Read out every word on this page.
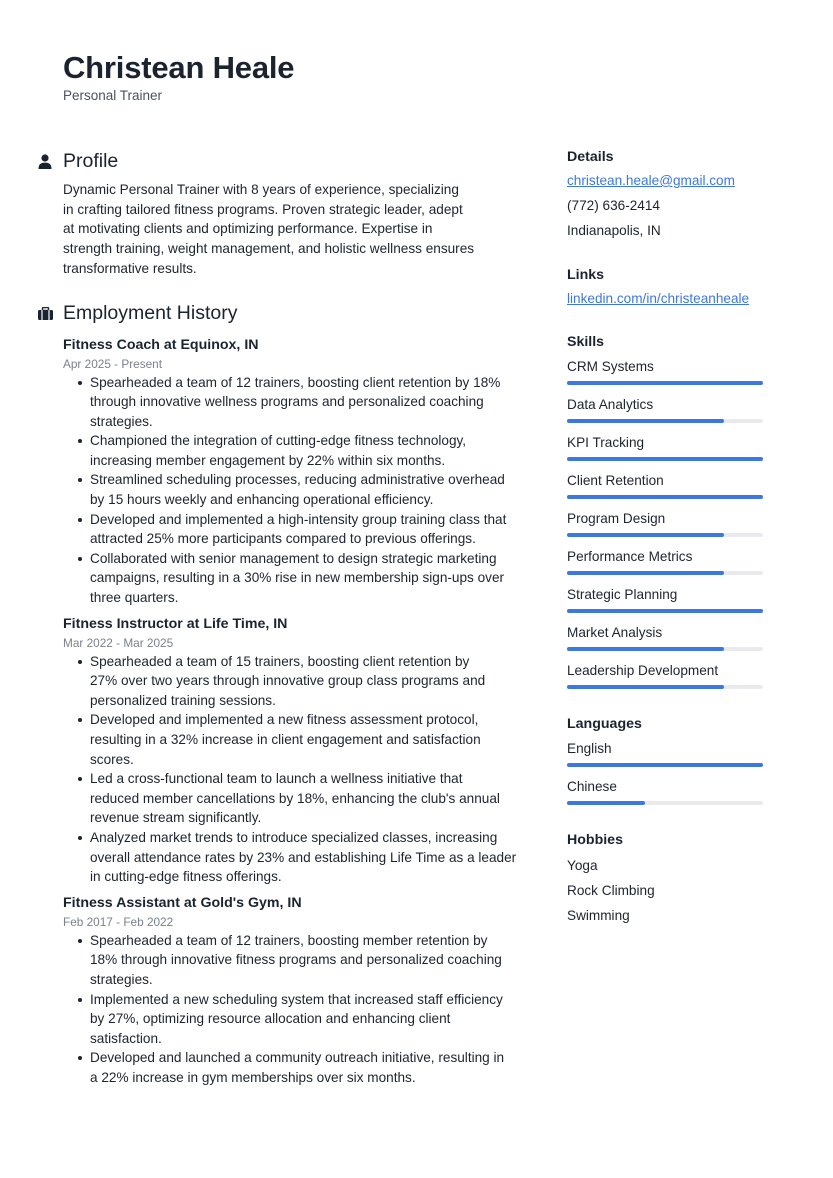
Christean Heale
Personal Trainer
Profile
Dynamic Personal Trainer with 8 years of experience, specializing
in crafting tailored fitness programs. Proven strategic leader, adept
at motivating clients and optimizing performance. Expertise in
strength training, weight management, and holistic wellness ensures
transformative results.
Employment History
Fitness Coach at Equinox, IN
Apr 2025 - Present
Spearheaded a team of 12 trainers, boosting client retention by 18%
through innovative wellness programs and personalized coaching
strategies.
Championed the integration of cutting-edge fitness technology,
increasing member engagement by 22% within six months.
Streamlined scheduling processes, reducing administrative overhead
by 15 hours weekly and enhancing operational efficiency.
Developed and implemented a high-intensity group training class that
attracted 25% more participants compared to previous offerings.
Collaborated with senior management to design strategic marketing
campaigns, resulting in a 30% rise in new membership sign-ups over
three quarters.
Fitness Instructor at Life Time, IN
Mar 2022 - Mar 2025
Spearheaded a team of 15 trainers, boosting client retention by
27% over two years through innovative group class programs and
personalized training sessions.
Developed and implemented a new fitness assessment protocol,
resulting in a 32% increase in client engagement and satisfaction
scores.
Led a cross-functional team to launch a wellness initiative that
reduced member cancellations by 18%, enhancing the club's annual
revenue stream significantly.
Analyzed market trends to introduce specialized classes, increasing
overall attendance rates by 23% and establishing Life Time as a leader
in cutting-edge fitness offerings.
Fitness Assistant at Gold's Gym, IN
Feb 2017 - Feb 2022
Spearheaded a team of 12 trainers, boosting member retention by
18% through innovative fitness programs and personalized coaching
strategies.
Implemented a new scheduling system that increased staff efficiency
by 27%, optimizing resource allocation and enhancing client
satisfaction.
Developed and launched a community outreach initiative, resulting in
a 22% increase in gym memberships over six months.
Details
christean.heale@gmail.com
(772) 636-2414
Indianapolis, IN
Links
linkedin.com/in/christeanheale
Skills
CRM Systems
Data Analytics
KPI Tracking
Client Retention
Program Design
Performance Metrics
Strategic Planning
Market Analysis
Leadership Development
Languages
English
Chinese
Hobbies
Yoga
Rock Climbing
Swimming
